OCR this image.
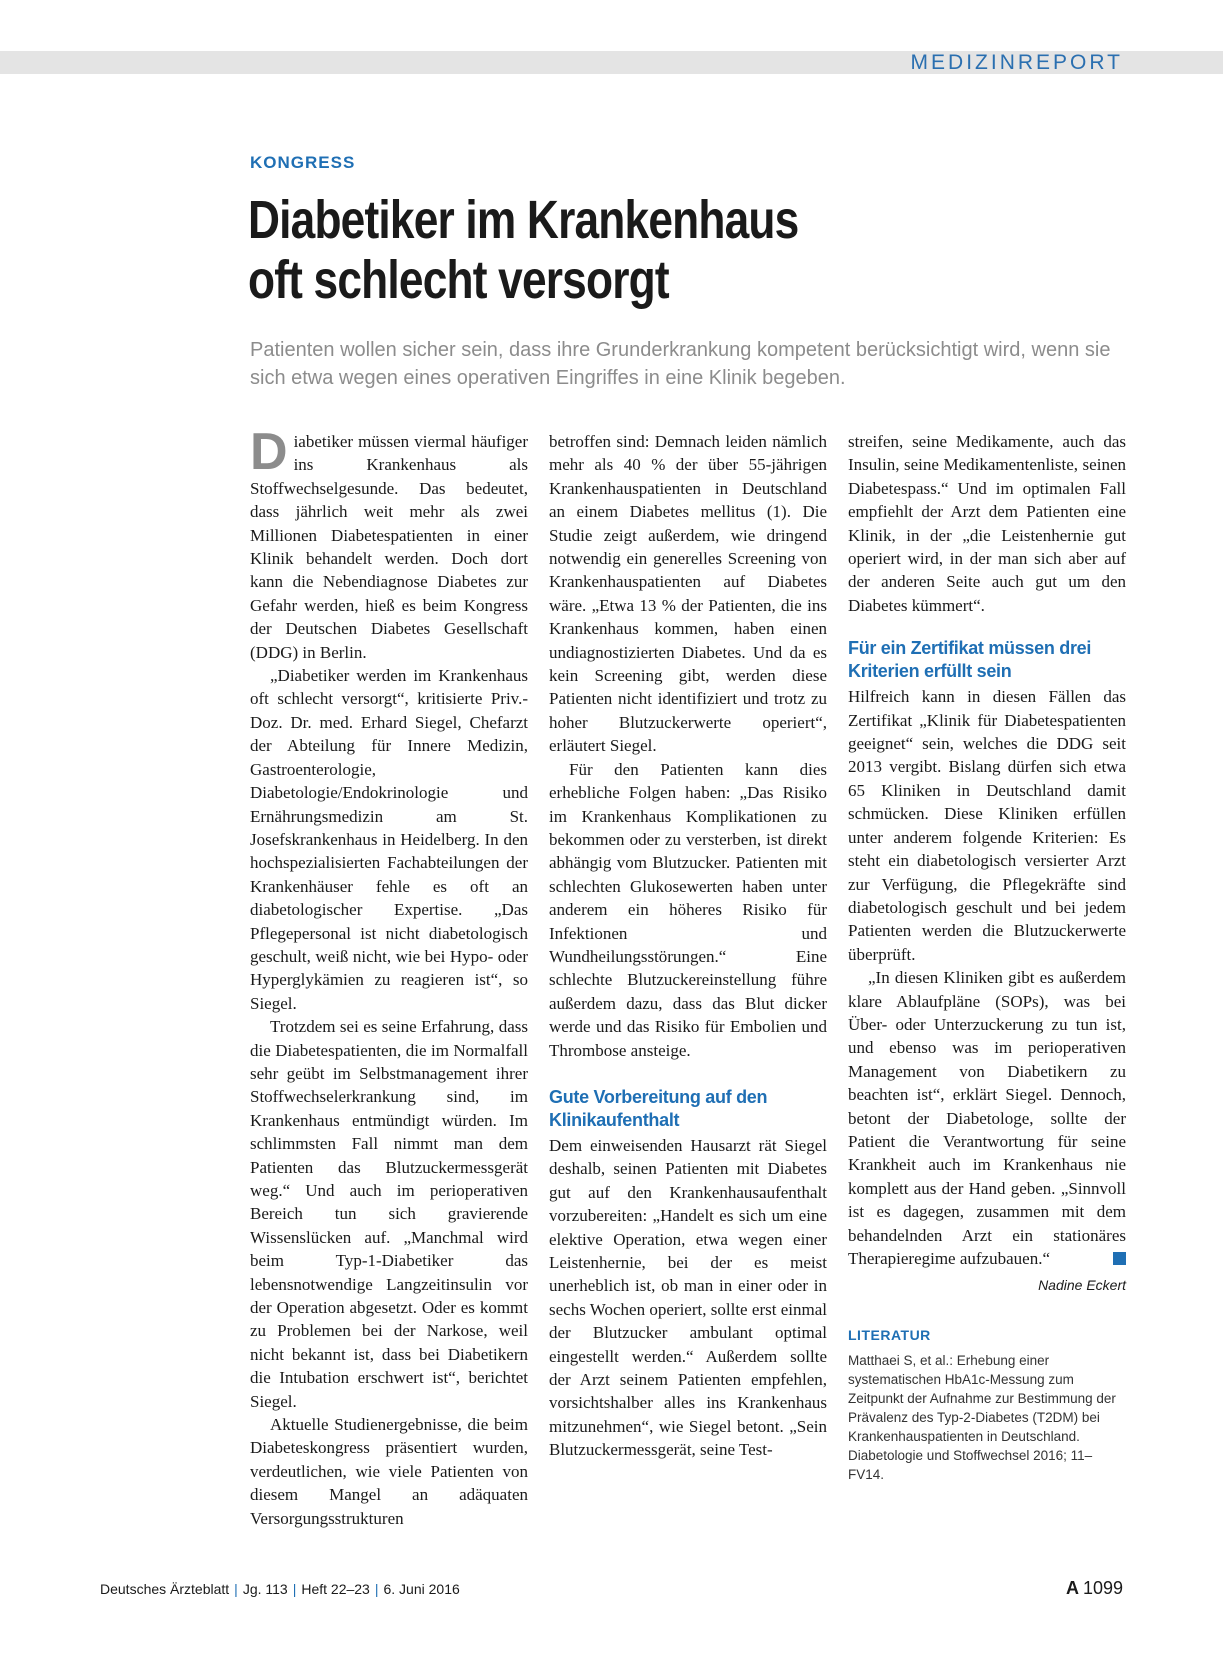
MEDIZINREPORT
KONGRESS
Diabetiker im Krankenhaus
oft schlecht versorgt

Patienten wollen sicher sein, dass ihre Grunderkrankung kompetent berücksichtigt wird, wenn sie sich etwa wegen eines operativen Eingriffes in eine Klinik begeben.

Diabetiker müssen viermal häufiger ins Krankenhaus als Stoffwechselgesunde. Das bedeutet, dass jährlich weit mehr als zwei Millionen Diabetespatienten in einer Klinik behandelt werden. Doch dort kann die Nebendiagnose Diabetes zur Gefahr werden, hieß es beim Kongress der Deutschen Diabetes Gesellschaft (DDG) in Berlin.

„Diabetiker werden im Krankenhaus oft schlecht versorgt“, kritisierte Priv.-Doz. Dr. med. Erhard Siegel, Chefarzt der Abteilung für Innere Medizin, Gastroenterologie, Diabetologie/Endokrinologie und Ernährungsmedizin am St. Josefskrankenhaus in Heidelberg. In den hochspezialisierten Fachabteilungen der Krankenhäuser fehle es oft an diabetologischer Expertise. „Das Pflegepersonal ist nicht diabetologisch geschult, weiß nicht, wie bei Hypo- oder Hyperglykämien zu reagieren ist“, so Siegel.

Trotzdem sei es seine Erfahrung, dass die Diabetespatienten, die im Normalfall sehr geübt im Selbstmanagement ihrer Stoffwechselerkrankung sind, im Krankenhaus entmündigt würden. Im schlimmsten Fall nimmt man dem Patienten das Blutzuckermessgerät weg.“ Und auch im perioperativen Bereich tun sich gravierende Wissenslücken auf. „Manchmal wird beim Typ-1-Diabetiker das lebensnotwendige Langzeitinsulin vor der Operation abgesetzt. Oder es kommt zu Problemen bei der Narkose, weil nicht bekannt ist, dass bei Diabetikern die Intubation erschwert ist“, berichtet Siegel.

Aktuelle Studienergebnisse, die beim Diabeteskongress präsentiert wurden, verdeutlichen, wie viele Patienten von diesem Mangel an adäquaten Versorgungsstrukturen

betroffen sind: Demnach leiden nämlich mehr als 40 % der über 55-jährigen Krankenhauspatienten in Deutschland an einem Diabetes mellitus (1). Die Studie zeigt außerdem, wie dringend notwendig ein generelles Screening von Krankenhauspatienten auf Diabetes wäre. „Etwa 13 % der Patienten, die ins Krankenhaus kommen, haben einen undiagnostizierten Diabetes. Und da es kein Screening gibt, werden diese Patienten nicht identifiziert und trotz zu hoher Blutzuckerwerte operiert“, erläutert Siegel.

Für den Patienten kann dies erhebliche Folgen haben: „Das Risiko im Krankenhaus Komplikationen zu bekommen oder zu versterben, ist direkt abhängig vom Blutzucker. Patienten mit schlechten Glukosewerten haben unter anderem ein höheres Risiko für Infektionen und Wundheilungsstörungen.“ Eine schlechte Blutzuckereinstellung führe außerdem dazu, dass das Blut dicker werde und das Risiko für Embolien und Thrombose ansteige.

Gute Vorbereitung auf den Klinikaufenthalt

Dem einweisenden Hausarzt rät Siegel deshalb, seinen Patienten mit Diabetes gut auf den Krankenhausaufenthalt vorzubereiten: „Handelt es sich um eine elektive Operation, etwa wegen einer Leistenhernie, bei der es meist unerheblich ist, ob man in einer oder in sechs Wochen operiert, sollte erst einmal der Blutzucker ambulant optimal eingestellt werden.“ Außerdem sollte der Arzt seinem Patienten empfehlen, vorsichtshalber alles ins Krankenhaus mitzunehmen“, wie Siegel betont. „Sein Blutzuckermessgerät, seine Test-

streifen, seine Medikamente, auch das Insulin, seine Medikamentenliste, seinen Diabetespass.“ Und im optimalen Fall empfiehlt der Arzt dem Patienten eine Klinik, in der „die Leistenhernie gut operiert wird, in der man sich aber auf der anderen Seite auch gut um den Diabetes kümmert“.

Für ein Zertifikat müssen drei Kriterien erfüllt sein

Hilfreich kann in diesen Fällen das Zertifikat „Klinik für Diabetespatienten geeignet“ sein, welches die DDG seit 2013 vergibt. Bislang dürfen sich etwa 65 Kliniken in Deutschland damit schmücken. Diese Kliniken erfüllen unter anderem folgende Kriterien: Es steht ein diabetologisch versierter Arzt zur Verfügung, die Pflegekräfte sind diabetologisch geschult und bei jedem Patienten werden die Blutzuckerwerte überprüft.

„In diesen Kliniken gibt es außerdem klare Ablaufpläne (SOPs), was bei Über- oder Unterzuckerung zu tun ist, und ebenso was im perioperativen Management von Diabetikern zu beachten ist“, erklärt Siegel. Dennoch, betont der Diabetologe, sollte der Patient die Verantwortung für seine Krankheit auch im Krankenhaus nie komplett aus der Hand geben. „Sinnvoll ist es dagegen, zusammen mit dem behandelnden Arzt ein stationäres Therapieregime aufzubauen.“

Nadine Eckert
LITERATUR
Matthaei S, et al.: Erhebung einer systematischen HbA1c-Messung zum Zeitpunkt der Aufnahme zur Bestimmung der Prävalenz des Typ-2-Diabetes (T2DM) bei Krankenhauspatienten in Deutschland. Diabetologie und Stoffwechsel 2016; 11–FV14.
Deutsches Ärzteblatt | Jg. 113 | Heft 22–23 | 6. Juni 2016	A 1099
